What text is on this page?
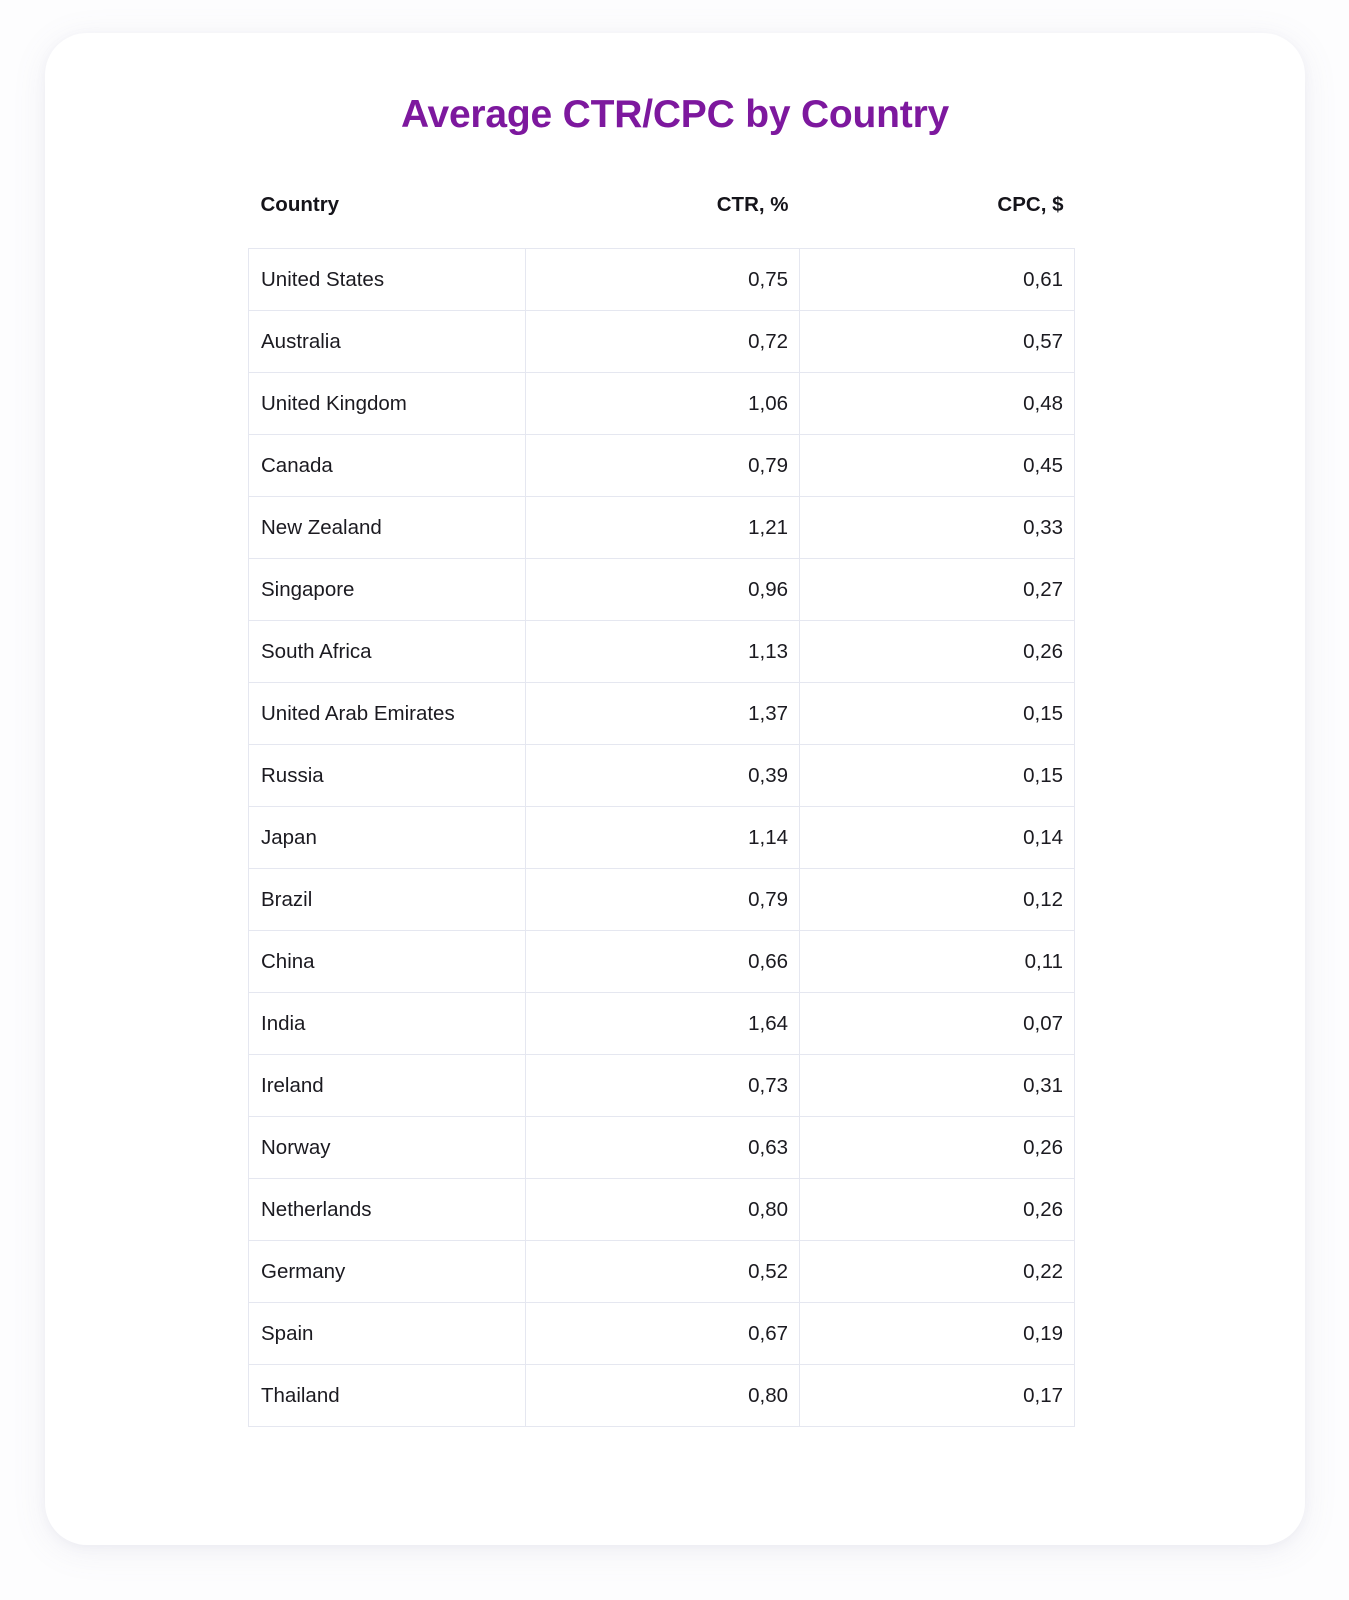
Average CTR/CPC by Country
Country	CTR, %	CPC, $
United States	0,75	0,61
Australia	0,72	0,57
United Kingdom	1,06	0,48
Canada	0,79	0,45
New Zealand	1,21	0,33
Singapore	0,96	0,27
South Africa	1,13	0,26
United Arab Emirates	1,37	0,15
Russia	0,39	0,15
Japan	1,14	0,14
Brazil	0,79	0,12
China	0,66	0,11
India	1,64	0,07
Ireland	0,73	0,31
Norway	0,63	0,26
Netherlands	0,80	0,26
Germany	0,52	0,22
Spain	0,67	0,19
Thailand	0,80	0,17
